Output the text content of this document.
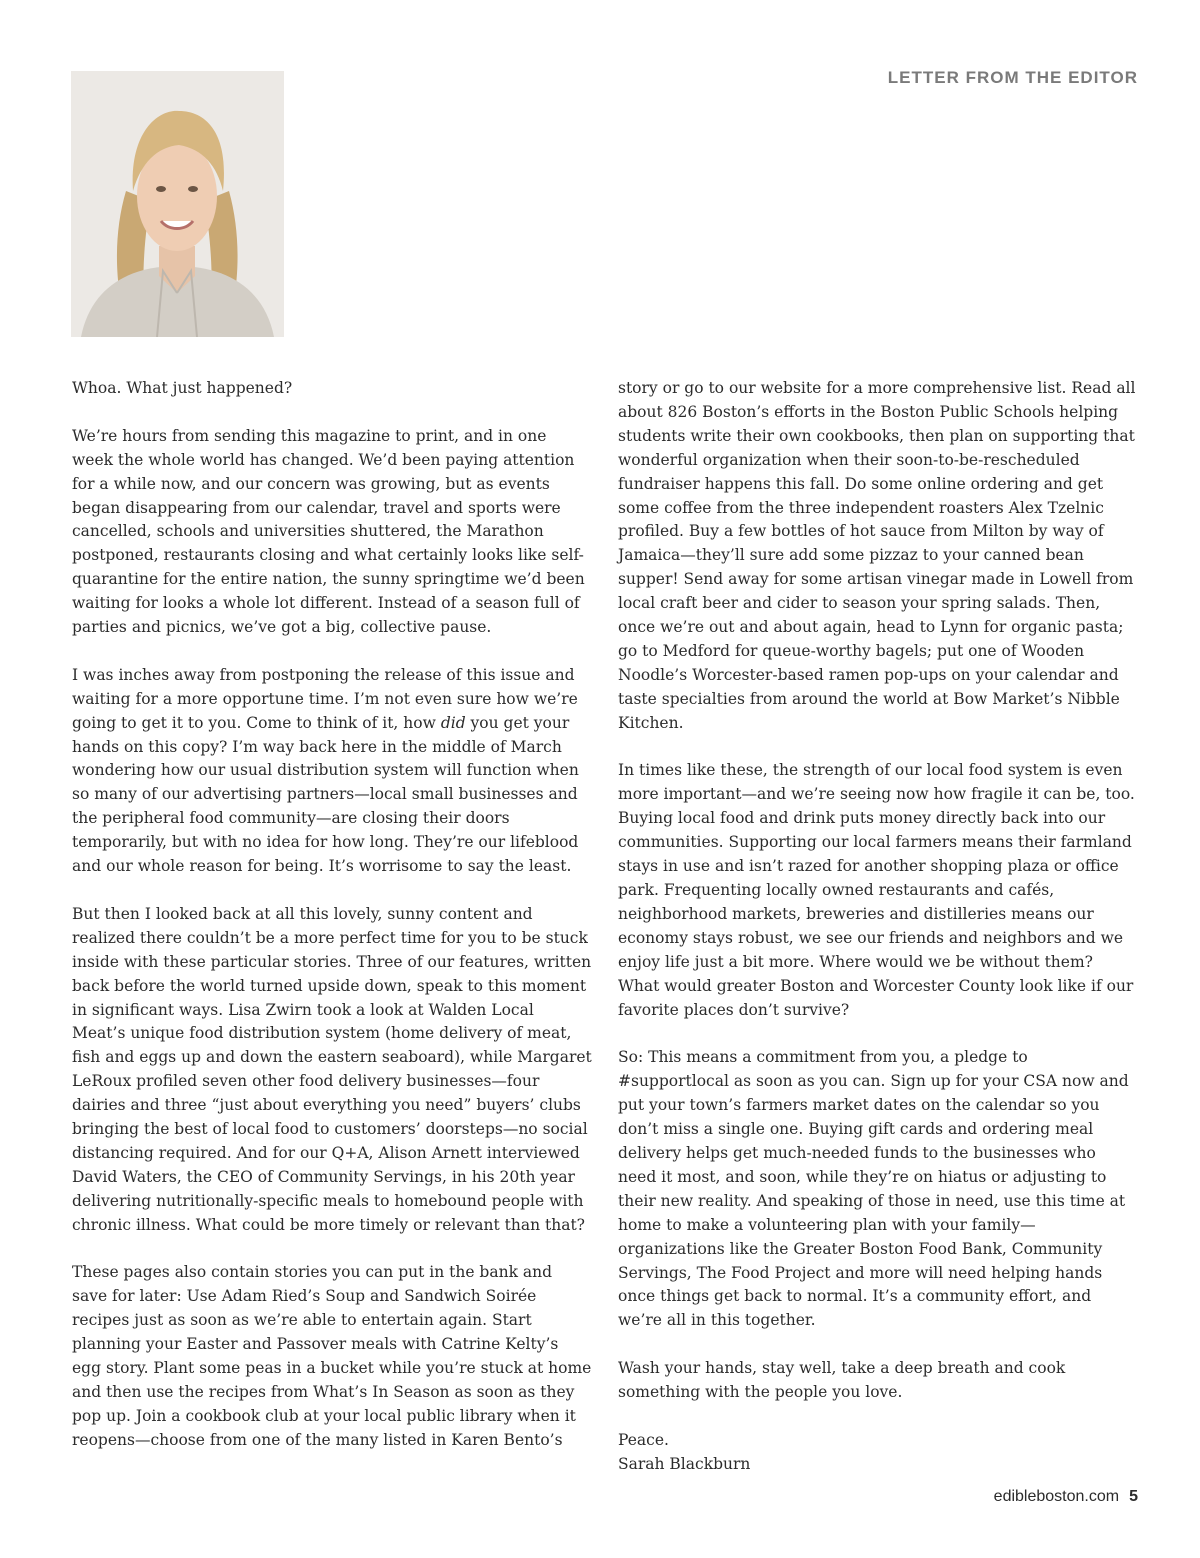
LETTER FROM THE EDITOR

Whoa. What just happened?

We’re hours from sending this magazine to print, and in one week the whole world has changed. We’d been paying attention for a while now, and our concern was growing, but as events began disappearing from our calendar, travel and sports were cancelled, schools and universities shuttered, the Marathon postponed, restaurants closing and what certainly looks like self-quarantine for the entire nation, the sunny springtime we’d been waiting for looks a whole lot different. Instead of a season full of parties and picnics, we’ve got a big, collective pause.

I was inches away from postponing the release of this issue and waiting for a more opportune time. I’m not even sure how we’re going to get it to you. Come to think of it, how did you get your hands on this copy? I’m way back here in the middle of March wondering how our usual distribution system will function when so many of our advertising partners—local small businesses and the peripheral food community—are closing their doors temporarily, but with no idea for how long. They’re our lifeblood and our whole reason for being. It’s worrisome to say the least.

But then I looked back at all this lovely, sunny content and realized there couldn’t be a more perfect time for you to be stuck inside with these particular stories. Three of our features, written back before the world turned upside down, speak to this moment in significant ways. Lisa Zwirn took a look at Walden Local Meat’s unique food distribution system (home delivery of meat, fish and eggs up and down the eastern seaboard), while Margaret LeRoux profiled seven other food delivery businesses—four dairies and three “just about everything you need” buyers’ clubs bringing the best of local food to customers’ doorsteps—no social distancing required. And for our Q+A, Alison Arnett interviewed David Waters, the CEO of Community Servings, in his 20th year delivering nutritionally-specific meals to homebound people with chronic illness. What could be more timely or relevant than that?

These pages also contain stories you can put in the bank and save for later: Use Adam Ried’s Soup and Sandwich Soirée recipes just as soon as we’re able to entertain again. Start planning your Easter and Passover meals with Catrine Kelty’s egg story. Plant some peas in a bucket while you’re stuck at home and then use the recipes from What’s In Season as soon as they pop up. Join a cookbook club at your local public library when it reopens—choose from one of the many listed in Karen Bento’s

story or go to our website for a more comprehensive list. Read all about 826 Boston’s efforts in the Boston Public Schools helping students write their own cookbooks, then plan on supporting that wonderful organization when their soon-to-be-rescheduled fundraiser happens this fall. Do some online ordering and get some coffee from the three independent roasters Alex Tzelnic profiled. Buy a few bottles of hot sauce from Milton by way of Jamaica—they’ll sure add some pizzaz to your canned bean supper! Send away for some artisan vinegar made in Lowell from local craft beer and cider to season your spring salads. Then, once we’re out and about again, head to Lynn for organic pasta; go to Medford for queue-worthy bagels; put one of Wooden Noodle’s Worcester-based ramen pop-ups on your calendar and taste specialties from around the world at Bow Market’s Nibble Kitchen.

In times like these, the strength of our local food system is even more important—and we’re seeing now how fragile it can be, too. Buying local food and drink puts money directly back into our communities. Supporting our local farmers means their farmland stays in use and isn’t razed for another shopping plaza or office park. Frequenting locally owned restaurants and cafés, neighborhood markets, breweries and distilleries means our economy stays robust, we see our friends and neighbors and we enjoy life just a bit more. Where would we be without them? What would greater Boston and Worcester County look like if our favorite places don’t survive?

So: This means a commitment from you, a pledge to #supportlocal as soon as you can. Sign up for your CSA now and put your town’s farmers market dates on the calendar so you don’t miss a single one. Buying gift cards and ordering meal delivery helps get much-needed funds to the businesses who need it most, and soon, while they’re on hiatus or adjusting to their new reality. And speaking of those in need, use this time at home to make a volunteering plan with your family—organizations like the Greater Boston Food Bank, Community Servings, The Food Project and more will need helping hands once things get back to normal. It’s a community effort, and we’re all in this together.

Wash your hands, stay well, take a deep breath and cook something with the people you love.

Peace.
Sarah Blackburn

edibleboston.com 5
